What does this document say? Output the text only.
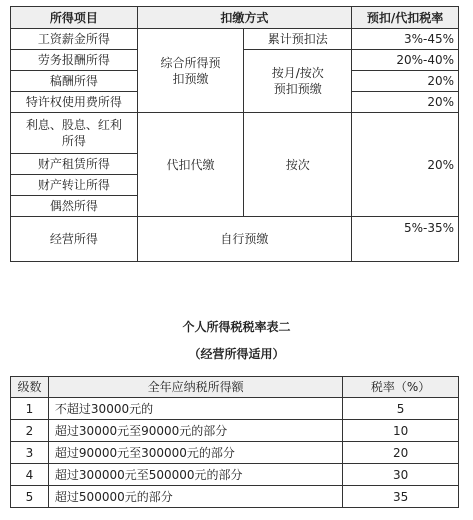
所得项目	扣缴方式		预扣/代扣税率
工资薪金所得	综合所得预扣预缴	累计预扣法	3%-45%
劳务报酬所得		按月/按次预扣预缴	20%-40%
稿酬所得			20%
特许权使用费所得			20%
利息、股息、红利所得	代扣代缴	按次	20%
财产租赁所得			
财产转让所得			
偶然所得			
经营所得	自行预缴		5%-35%
个人所得税税率表二
（经营所得适用）
级数	全年应纳税所得额	税率（%）
1	不超过30000元的	5
2	超过30000元至90000元的部分	10
3	超过90000元至300000元的部分	20
4	超过300000元至500000元的部分	30
5	超过500000元的部分	35
